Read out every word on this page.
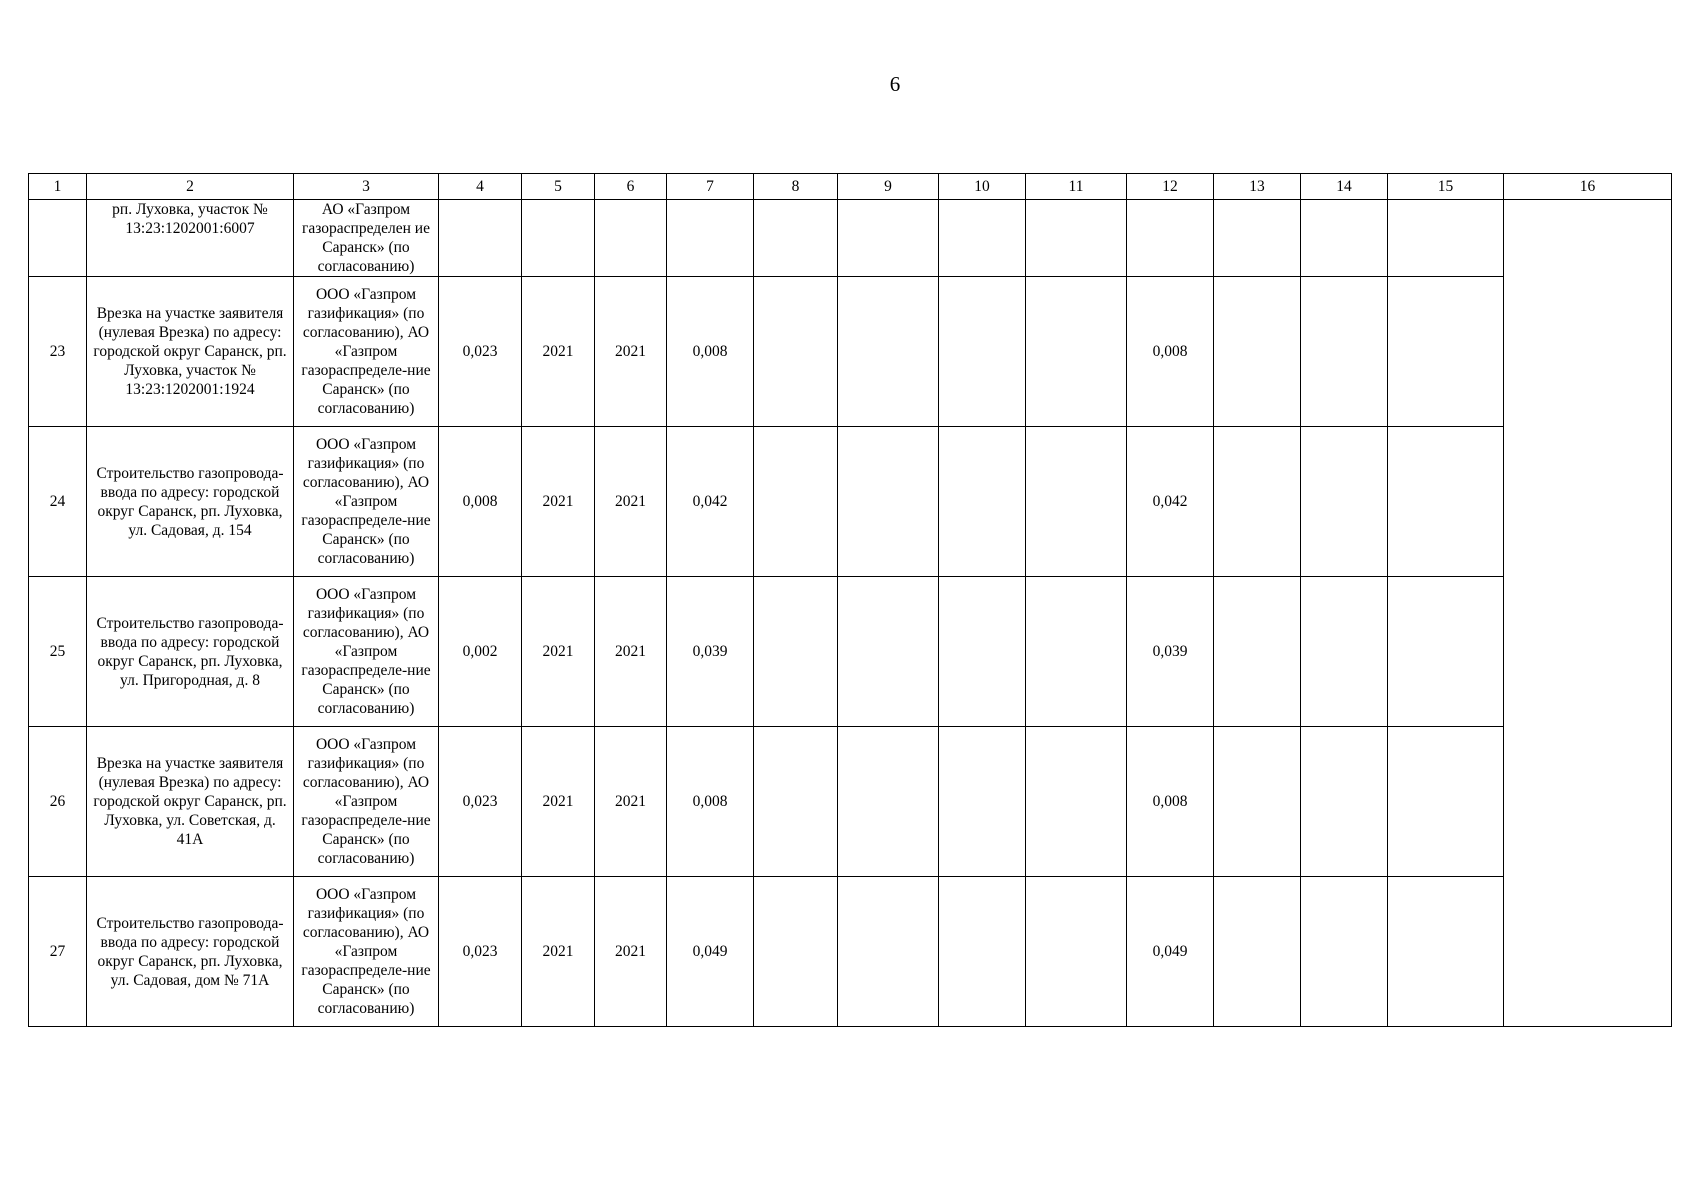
6
1	2	3	4	5	6	7	8	9	10	11	12	13	14	15	16
	рп. Луховка, участок № 13:23:1202001:6007	АО «Газпром газораспределен ие Саранск» (по согласованию)													
23	Врезка на участке заявителя (нулевая Врезка) по адресу: городской округ Саранск, рп. Луховка, участок № 13:23:1202001:1924	ООО «Газпром газификация» (по согласованию), АО «Газпром газораспределе-ние Саранск» (по согласованию)	0,023	2021	2021	0,008					0,008				
24	Строительство газопровода-ввода по адресу: городской округ Саранск, рп. Луховка, ул. Садовая, д. 154	ООО «Газпром газификация» (по согласованию), АО «Газпром газораспределе-ние Саранск» (по согласованию)	0,008	2021	2021	0,042					0,042				
25	Строительство газопровода-ввода по адресу: городской округ Саранск, рп. Луховка, ул. Пригородная, д. 8	ООО «Газпром газификация» (по согласованию), АО «Газпром газораспределе-ние Саранск» (по согласованию)	0,002	2021	2021	0,039					0,039				
26	Врезка на участке заявителя (нулевая Врезка) по адресу: городской округ Саранск, рп. Луховка, ул. Советская, д. 41А	ООО «Газпром газификация» (по согласованию), АО «Газпром газораспределе-ние Саранск» (по согласованию)	0,023	2021	2021	0,008					0,008				
27	Строительство газопровода-ввода по адресу: городской округ Саранск, рп. Луховка, ул. Садовая, дом № 71А	ООО «Газпром газификация» (по согласованию), АО «Газпром газораспределе-ние Саранск» (по согласованию)	0,023	2021	2021	0,049					0,049				
